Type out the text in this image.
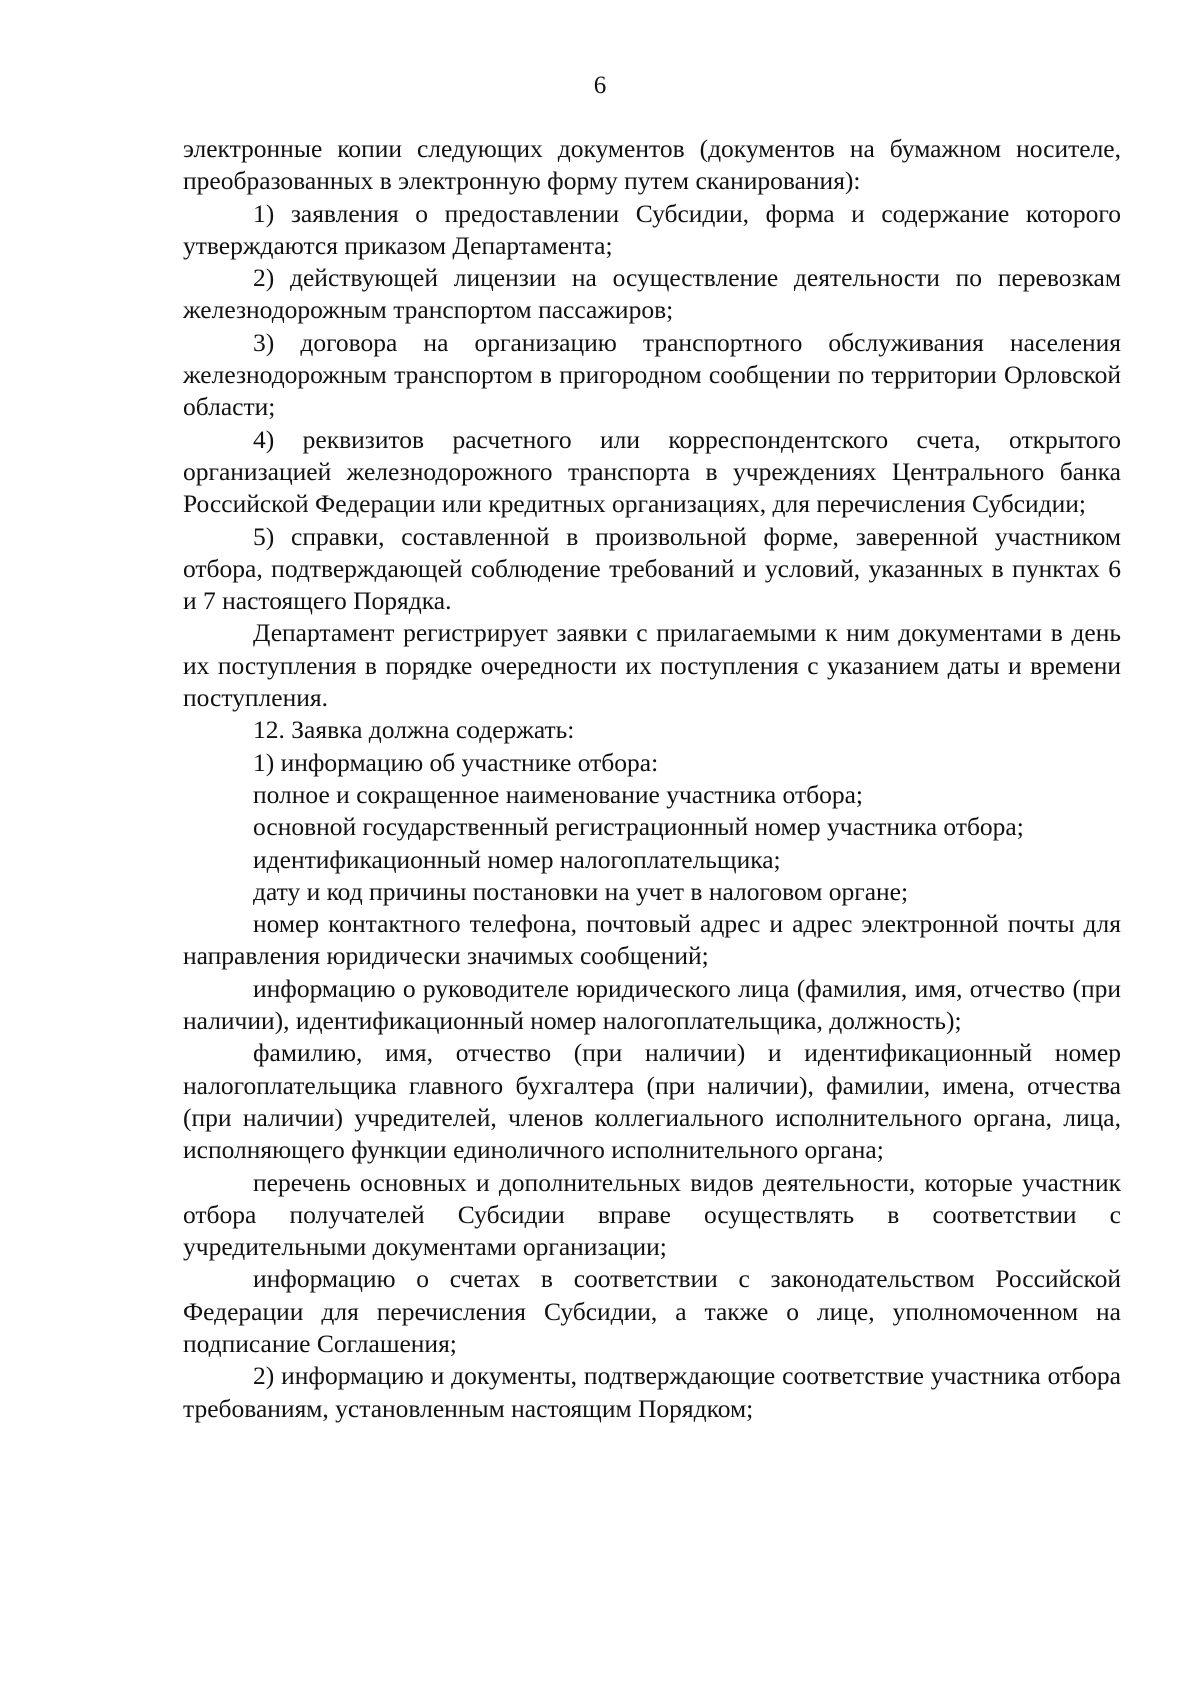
6

электронные копии следующих документов (документов на бумажном носителе, преобразованных в электронную форму путем сканирования):

1) заявления о предоставлении Субсидии, форма и содержание которого утверждаются приказом Департамента;

2) действующей лицензии на осуществление деятельности по перевозкам железнодорожным транспортом пассажиров;

3) договора на организацию транспортного обслуживания населения железнодорожным транспортом в пригородном сообщении по территории Орловской области;

4) реквизитов расчетного или корреспондентского счета, открытого организацией железнодорожного транспорта в учреждениях Центрального банка Российской Федерации или кредитных организациях, для перечисления Субсидии;

5) справки, составленной в произвольной форме, заверенной участником отбора, подтверждающей соблюдение требований и условий, указанных в пунктах 6 и 7 настоящего Порядка.

Департамент регистрирует заявки с прилагаемыми к ним документами в день их поступления в порядке очередности их поступления с указанием даты и времени поступления.

12. Заявка должна содержать:

1) информацию об участнике отбора:

полное и сокращенное наименование участника отбора;

основной государственный регистрационный номер участника отбора;

идентификационный номер налогоплательщика;

дату и код причины постановки на учет в налоговом органе;

номер контактного телефона, почтовый адрес и адрес электронной почты для направления юридически значимых сообщений;

информацию о руководителе юридического лица (фамилия, имя, отчество (при наличии), идентификационный номер налогоплательщика, должность);

фамилию, имя, отчество (при наличии) и идентификационный номер налогоплательщика главного бухгалтера (при наличии), фамилии, имена, отчества (при наличии) учредителей, членов коллегиального исполнительного органа, лица, исполняющего функции единоличного исполнительного органа;

перечень основных и дополнительных видов деятельности, которые участник отбора получателей Субсидии вправе осуществлять в соответствии с учредительными документами организации;

информацию о счетах в соответствии с законодательством Российской Федерации для перечисления Субсидии, а также о лице, уполномоченном на подписание Соглашения;

2) информацию и документы, подтверждающие соответствие участника отбора требованиям, установленным настоящим Порядком;
